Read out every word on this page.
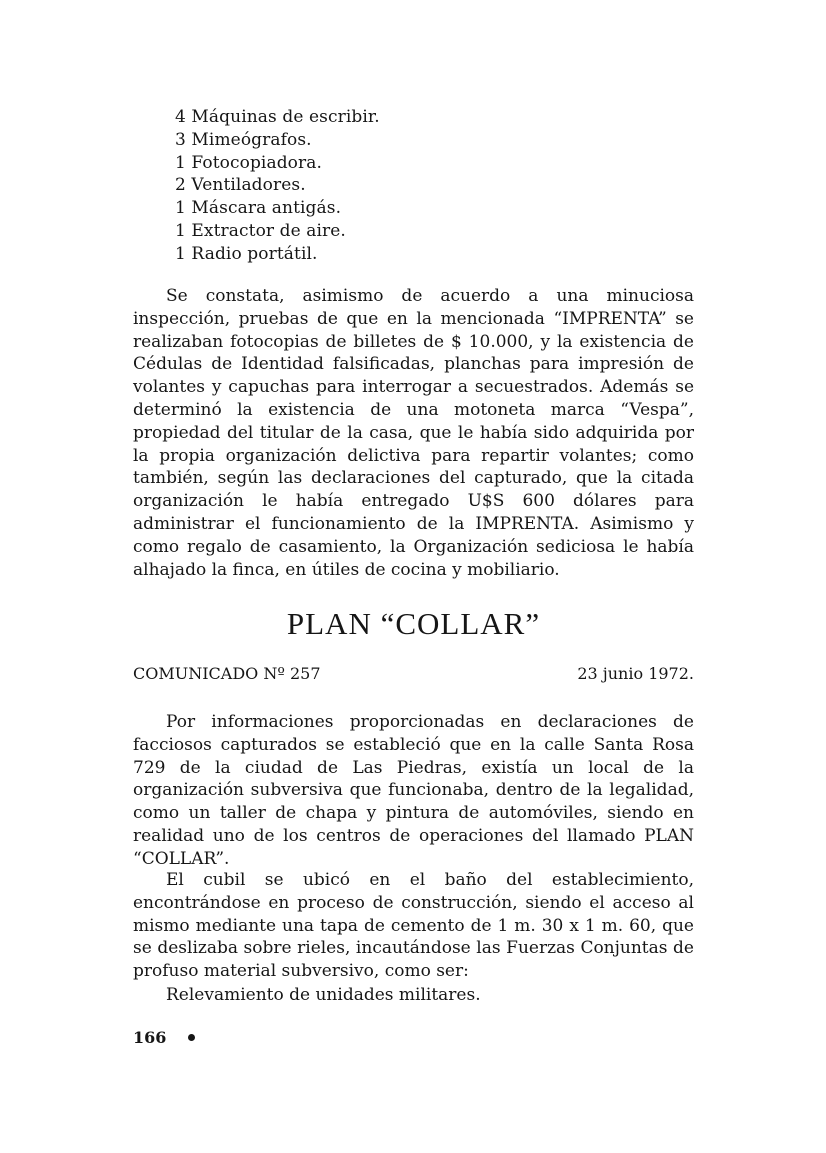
4 Máquinas de escribir.
3 Mimeógrafos.
1 Fotocopiadora.
2 Ventiladores.
1 Máscara antigás.
1 Extractor de aire.
1 Radio portátil.

Se constata, asimismo de acuerdo a una minuciosa inspección, pruebas de que en la mencionada “IMPRENTA” se realizaban fotocopias de billetes de $ 10.000, y la existencia de Cédulas de Identidad falsificadas, planchas para impresión de volantes y capuchas para interrogar a secuestrados. Además se determinó la existencia de una motoneta marca “Vespa”, propiedad del titular de la casa, que le había sido adquirida por la propia organización delictiva para repartir volantes; como también, según las declaraciones del capturado, que la citada organización le había entregado U$S 600 dólares para administrar el funcionamiento de la IMPRENTA. Asimismo y como regalo de casamiento, la Organización sediciosa le había alhajado la finca, en útiles de cocina y mobiliario.

PLAN “COLLAR”
COMUNICADO Nº 257	23 junio 1972.

Por informaciones proporcionadas en declaraciones de facciosos capturados se estableció que en la calle Santa Rosa 729 de la ciudad de Las Piedras, existía un local de la organización subversiva que funcionaba, dentro de la legalidad, como un taller de chapa y pintura de automóviles, siendo en realidad uno de los centros de operaciones del llamado PLAN “COLLAR”.

El cubil se ubicó en el baño del establecimiento, encontrándose en proceso de construcción, siendo el acceso al mismo mediante una tapa de cemento de 1 m. 30 x 1 m. 60, que se deslizaba sobre rieles, incautándose las Fuerzas Conjuntas de profuso material subversivo, como ser:

Relevamiento de unidades militares.

166
